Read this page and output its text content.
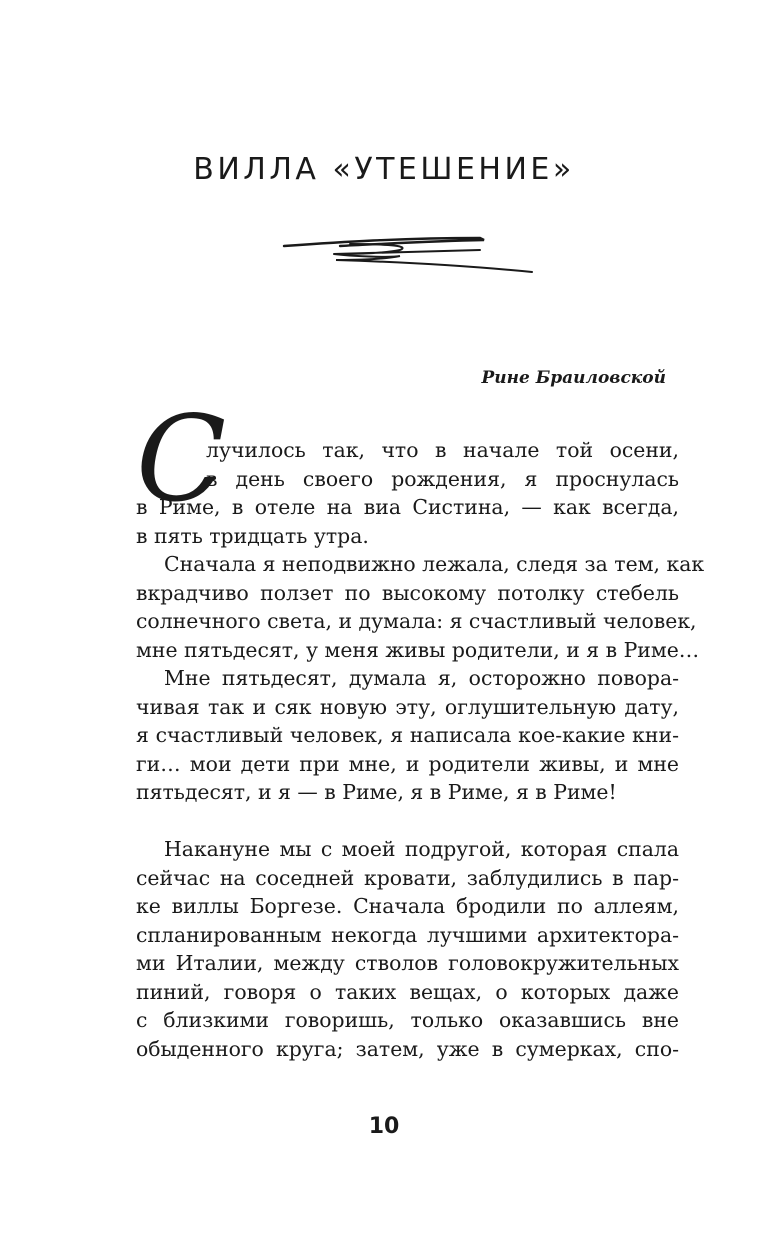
ВИЛЛА «УТЕШЕНИЕ»

Рине Браиловской

С
лучилось так, что в начале той осени,
в день своего рождения, я проснулась
в Риме, в отеле на виа Систина, — как всегда,
в пять тридцать утра.
Сначала я неподвижно лежала, следя за тем, как
вкрадчиво ползет по высокому потолку стебель
солнечного света, и думала: я счастливый человек,
мне пятьдесят, у меня живы родители, и я в Риме…
Мне пятьдесят, думала я, осторожно повора-
чивая так и сяк новую эту, оглушительную дату,
я счастливый человек, я написала кое-какие кни-
ги… мои дети при мне, и родители живы, и мне
пятьдесят, и я — в Риме, я в Риме, я в Риме!
Накануне мы с моей подругой, которая спала
сейчас на соседней кровати, заблудились в пар-
ке виллы Боргезе. Сначала бродили по аллеям,
спланированным некогда лучшими архитектора-
ми Италии, между стволов головокружительных
пиний, говоря о таких вещах, о которых даже
с близкими говоришь, только оказавшись вне
обыденного круга; затем, уже в сумерках, спо-

10
